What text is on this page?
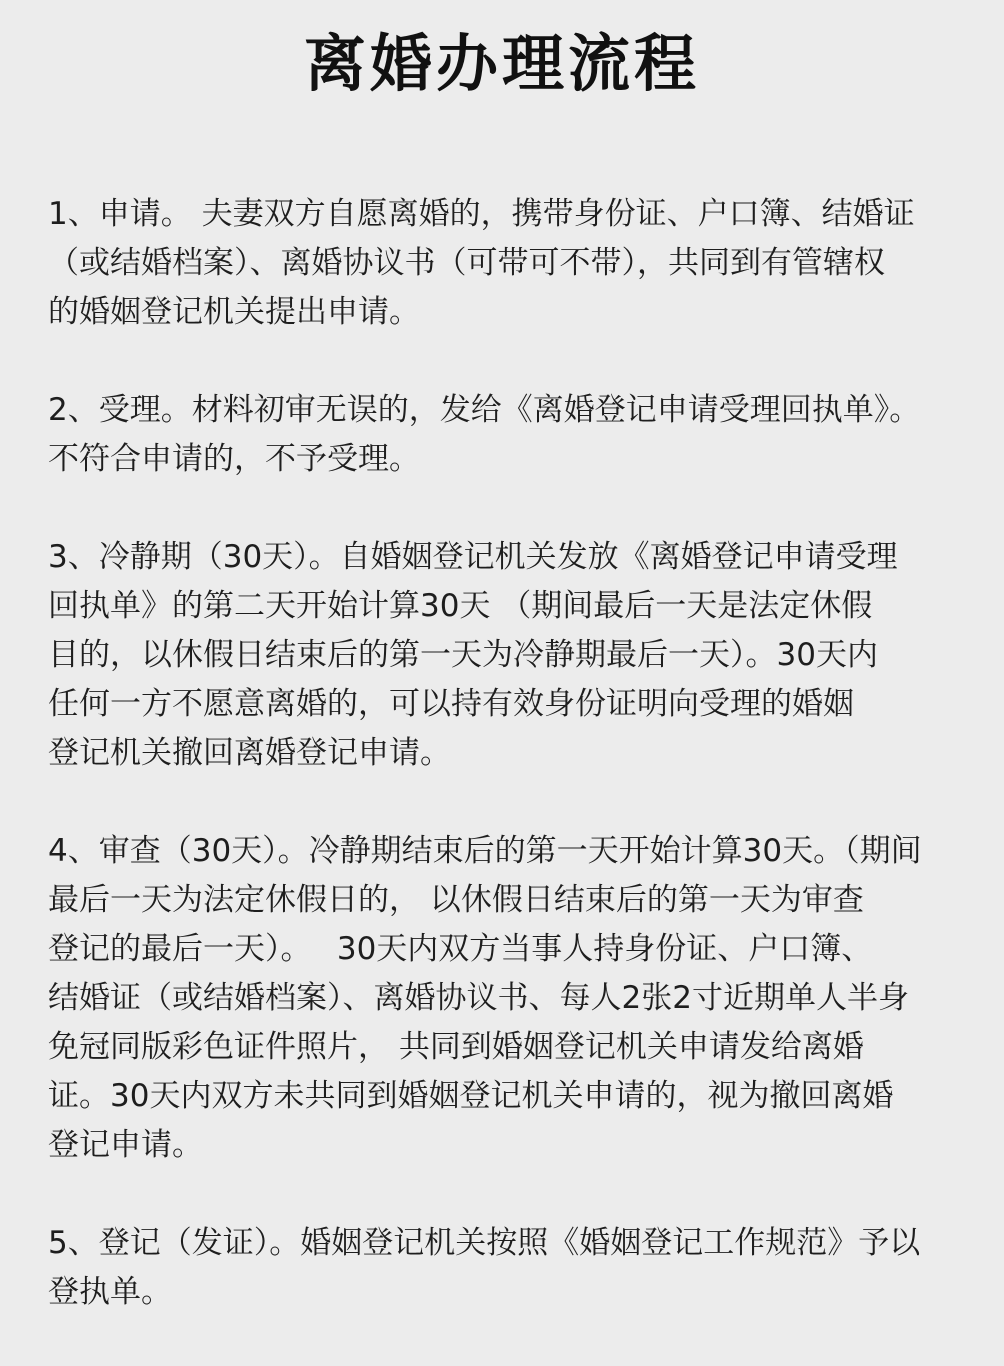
离婚办理流程
1、申请。 夫妻双方自愿离婚的，携带身份证、户口簿、结婚证
（或结婚档案）、离婚协议书（可带可不带），共同到有管辖权
的婚姻登记机关提出申请。
2、受理。材料初审无误的，发给《离婚登记申请受理回执单》。
不符合申请的，不予受理。
3、冷静期（30天）。自婚姻登记机关发放《离婚登记申请受理
回执单》的第二天开始计算30天 （期间最后一天是法定休假
目的，以休假日结束后的第一天为冷静期最后一天）。30天内
任何一方不愿意离婚的，可以持有效身份证明向受理的婚姻
登记机关撤回离婚登记申请。
4、审查（30天）。冷静期结束后的第一天开始计算30天。（期间
最后一天为法定休假日的， 以休假日结束后的第一天为审查
登记的最后一天）。　 30天内双方当事人持身份证、户口簿、
结婚证（或结婚档案）、离婚协议书、每人2张2寸近期单人半身
免冠同版彩色证件照片， 共同到婚姻登记机关申请发给离婚
证。30天内双方未共同到婚姻登记机关申请的，视为撤回离婚
登记申请。
5、登记（发证）。婚姻登记机关按照《婚姻登记工作规范》予以
登执单。
